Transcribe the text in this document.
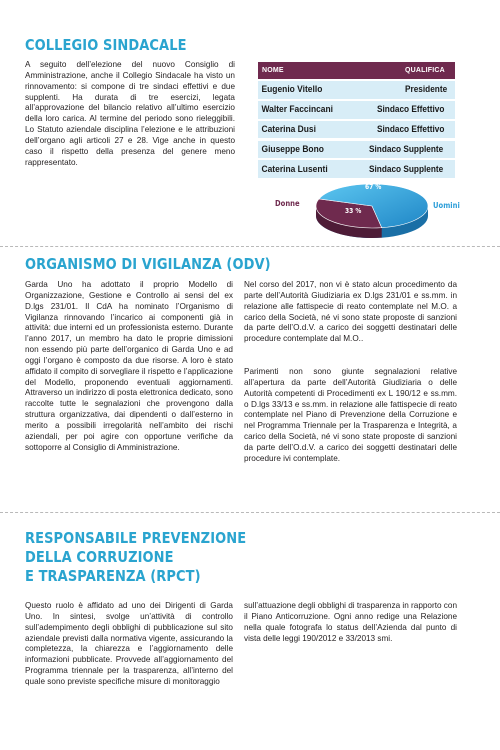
COLLEGIO SINDACALE
A seguito dell’elezione del nuovo Consiglio di Amministrazione, anche il Collegio Sindacale ha visto un rinnovamento: si compone di tre sindaci effettivi e due supplenti. Ha durata di tre esercizi, legata all’approvazione del bilancio relativo all’ultimo esercizio della loro carica. Al termine del periodo sono rieleggibili. Lo Statuto aziendale disciplina l’elezione e le attribuzioni dell’organo agli articoli 27 e 28. Vige anche in questo caso il rispetto della presenza del genere meno rappresentato.
NOME	QUALIFICA
Eugenio Vitello	Presidente
Walter Faccincani	Sindaco Effettivo
Caterina Dusi	Sindaco Effettivo
Giuseppe Bono	Sindaco Supplente
Caterina Lusenti	Sindaco Supplente
Donne	Uomini
67 %
33 %
ORGANISMO DI VIGILANZA (ODV)
Garda Uno ha adottato il proprio Modello di Organizzazione, Gestione e Controllo ai sensi del ex D.lgs 231/01. Il CdA ha nominato l’Organismo di Vigilanza rinnovando l’incarico ai componenti già in attività: due interni ed un professionista esterno. Durante l’anno 2017, un membro ha dato le proprie dimissioni non essendo più parte dell’organico di Garda Uno e ad oggi l’organo è composto da due risorse. A loro è stato affidato il compito di sorvegliare il rispetto e l’applicazione del Modello, proponendo eventuali aggiornamenti. Attraverso un indirizzo di posta elettronica dedicato, sono raccolte tutte le segnalazioni che provengono dalla struttura organizzativa, dai dipendenti o dall’esterno in merito a possibili irregolarità nell’ambito dei rischi aziendali, per poi agire con opportune verifiche da sottoporre al Consiglio di Amministrazione.
Nel corso del 2017, non vi è stato alcun procedimento da parte dell’Autorità Giudiziaria ex D.lgs 231/01 e ss.mm. in relazione alle fattispecie di reato contemplate nel M.O. a carico della Società, né vi sono state proposte di sanzioni da parte dell’O.d.V. a carico dei soggetti destinatari delle procedure contemplate dal M.O..
Parimenti non sono giunte segnalazioni relative all’apertura da parte dell’Autorità Giudiziaria o delle Autorità competenti di Procedimenti ex L 190/12 e ss.mm. o D.lgs 33/13 e ss.mm. in relazione alle fattispecie di reato contemplate nel Piano di Prevenzione della Corruzione e nel Programma Triennale per la Trasparenza e Integrità, a carico della Società, né vi sono state proposte di sanzioni da parte dell’O.d.V. a carico dei soggetti destinatari delle procedure ivi contemplate.
RESPONSABILE PREVENZIONE
DELLA CORRUZIONE
E TRASPARENZA (RPCT)
Questo ruolo è affidato ad uno dei Dirigenti di Garda Uno. In sintesi, svolge un’attività di controllo sull’adempimento degli obblighi di pubblicazione sul sito aziendale previsti dalla normativa vigente, assicurando la completezza, la chiarezza e l’aggiornamento delle informazioni pubblicate. Provvede all’aggiornamento del Programma triennale per la trasparenza, all’interno del quale sono previste specifiche misure di monitoraggio
sull’attuazione degli obblighi di trasparenza in rapporto con il Piano Anticorruzione. Ogni anno redige una Relazione nella quale fotografa lo status dell’Azienda dal punto di vista delle leggi 190/2012 e 33/2013 smi.
